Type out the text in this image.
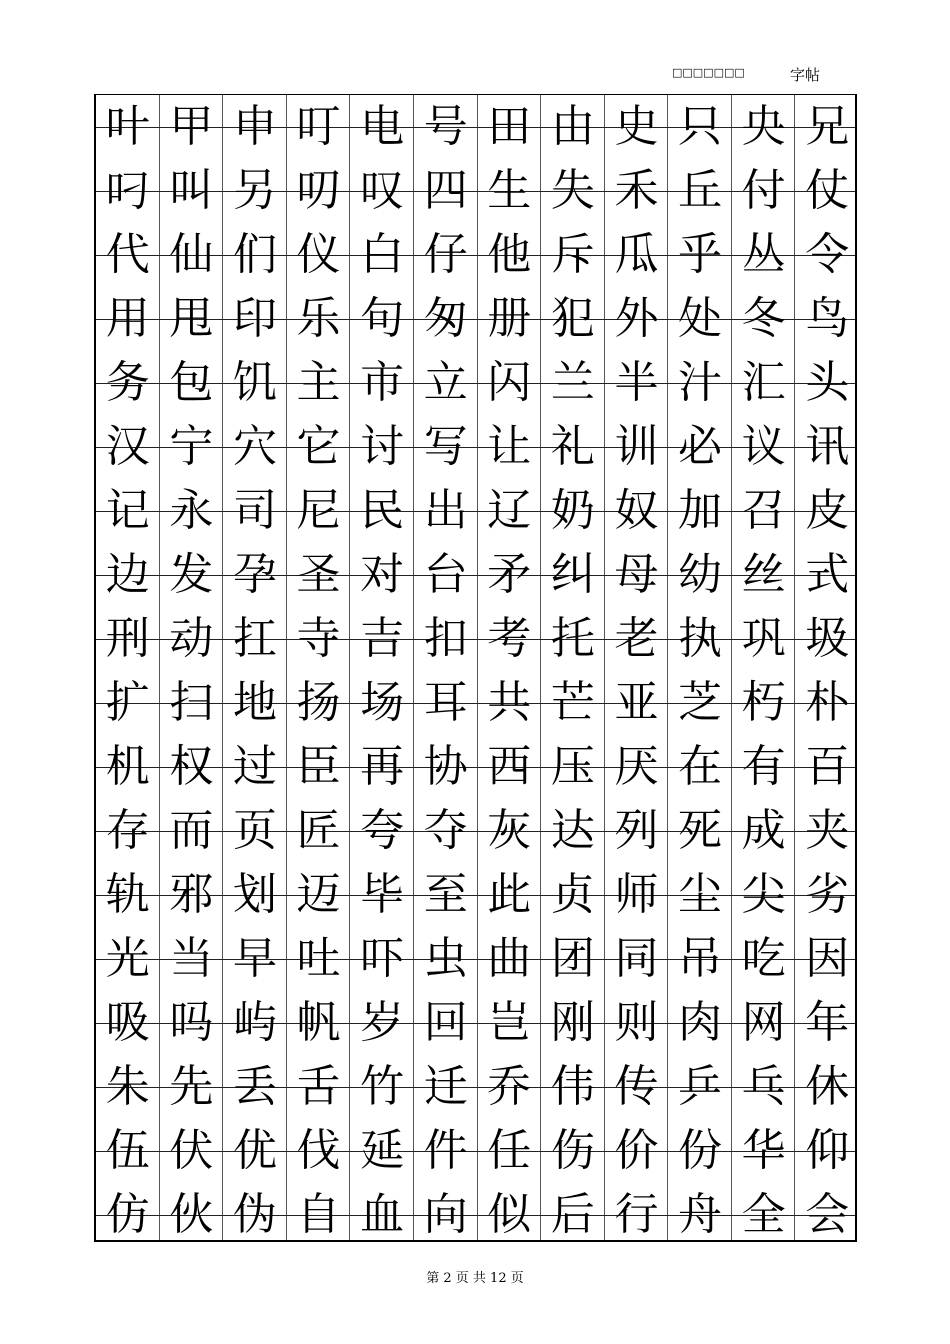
□□□□□□□	字帖
叶 甲 申 叮 电 号 田 由 史 只 央 兄
叼 叫 另 叨 叹 四 生 失 禾 丘 付 仗
代 仙 们 仪 白 仔 他 斥 瓜 乎 丛 令
用 甩 印 乐 句 匆 册 犯 外 处 冬 鸟
务 包 饥 主 市 立 闪 兰 半 汁 汇 头
汉 宁 穴 它 讨 写 让 礼 训 必 议 讯
记 永 司 尼 民 出 辽 奶 奴 加 召 皮
边 发 孕 圣 对 台 矛 纠 母 幼 丝 式
刑 动 扛 寺 吉 扣 考 托 老 执 巩 圾
扩 扫 地 扬 场 耳 共 芒 亚 芝 朽 朴
机 权 过 臣 再 协 西 压 厌 在 有 百
存 而 页 匠 夸 夺 灰 达 列 死 成 夹
轨 邪 划 迈 毕 至 此 贞 师 尘 尖 劣
光 当 早 吐 吓 虫 曲 团 同 吊 吃 因
吸 吗 屿 帆 岁 回 岂 刚 则 肉 网 年
朱 先 丢 舌 竹 迁 乔 伟 传 乒 乓 休
伍 伏 优 伐 延 件 任 伤 价 份 华 仰
仿 伙 伪 自 血 向 似 后 行 舟 全 会
第 2 页 共 12 页
